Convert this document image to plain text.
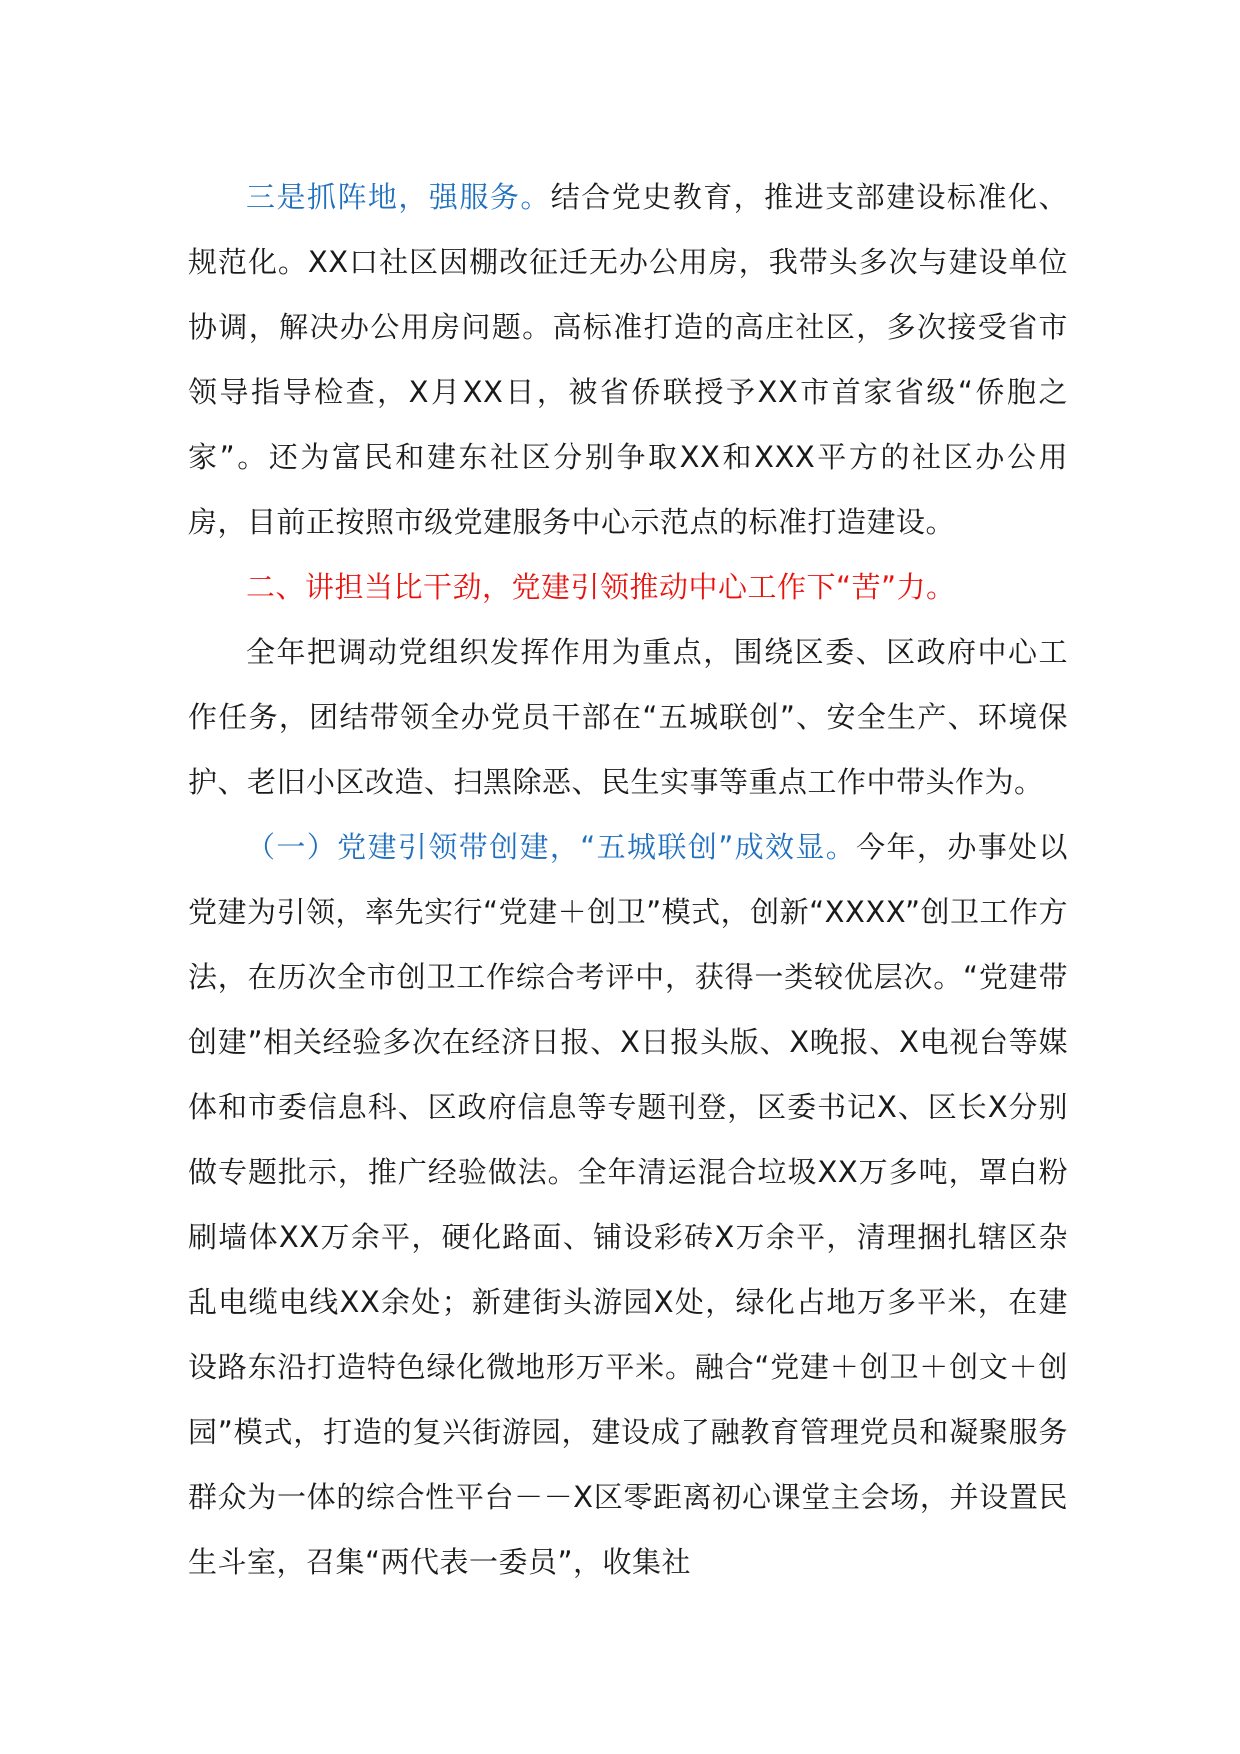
三是抓阵地，强服务。结合党史教育，推进支部建设标准化、规范化。XX口社区因棚改征迁无办公用房，我带头多次与建设单位协调，解决办公用房问题。高标准打造的高庄社区，多次接受省市领导指导检查，X月XX日，被省侨联授予XX市首家省级“侨胞之家”。还为富民和建东社区分别争取XX和XXX平方的社区办公用房，目前正按照市级党建服务中心示范点的标准打造建设。

二、讲担当比干劲，党建引领推动中心工作下“苦”力。

全年把调动党组织发挥作用为重点，围绕区委、区政府中心工作任务，团结带领全办党员干部在“五城联创”、安全生产、环境保护、老旧小区改造、扫黑除恶、民生实事等重点工作中带头作为。

（一）党建引领带创建，“五城联创”成效显。今年，办事处以党建为引领，率先实行“党建＋创卫”模式，创新“XXXX”创卫工作方法，在历次全市创卫工作综合考评中，获得一类较优层次。“党建带创建”相关经验多次在经济日报、X日报头版、X晚报、X电视台等媒体和市委信息科、区政府信息等专题刊登，区委书记X、区长X分别做专题批示，推广经验做法。全年清运混合垃圾XX万多吨，罩白粉刷墙体XX万余平，硬化路面、铺设彩砖X万余平，清理捆扎辖区杂乱电缆电线XX余处；新建街头游园X处，绿化占地万多平米，在建设路东沿打造特色绿化微地形万平米。融合“党建＋创卫＋创文＋创园”模式，打造的复兴街游园，建设成了融教育管理党员和凝聚服务群众为一体的综合性平台－－X区零距离初心课堂主会场，并设置民生斗室，召集“两代表一委员”，收集社
